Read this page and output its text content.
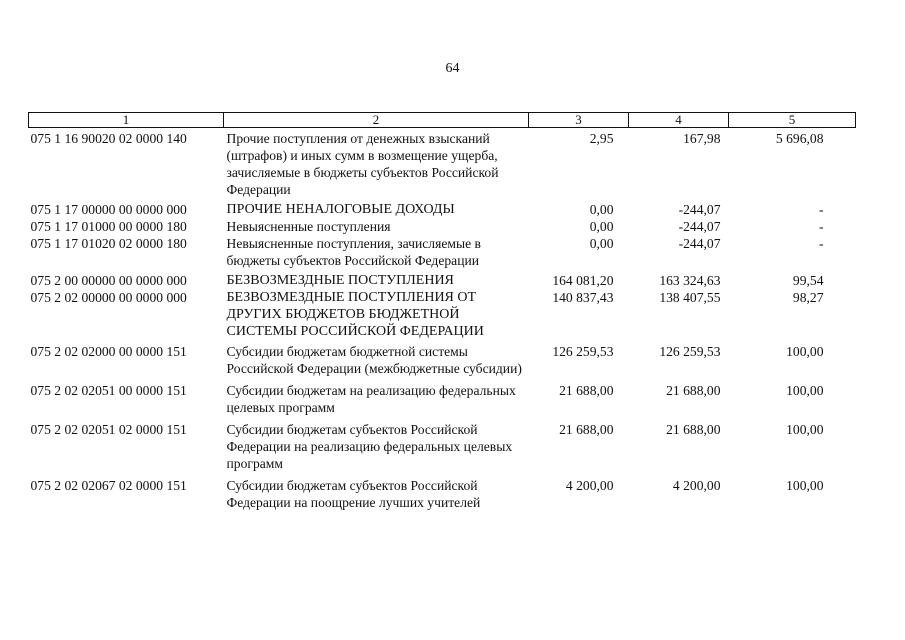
64
1	2	3	4	5
075 1 16 90020 02 0000 140	Прочие поступления от денежных взысканий (штрафов) и иных сумм в возмещение ущерба, зачисляемые в бюджеты субъектов Российской Федерации	2,95	167,98	5 696,08
075 1 17 00000 00 0000 000	ПРОЧИЕ НЕНАЛОГОВЫЕ ДОХОДЫ	0,00	-244,07	-
075 1 17 01000 00 0000 180	Невыясненные поступления	0,00	-244,07	-
075 1 17 01020 02 0000 180	Невыясненные поступления, зачисляемые в бюджеты субъектов Российской Федерации	0,00	-244,07	-
075 2 00 00000 00 0000 000	БЕЗВОЗМЕЗДНЫЕ ПОСТУПЛЕНИЯ	164 081,20	163 324,63	99,54
075 2 02 00000 00 0000 000	БЕЗВОЗМЕЗДНЫЕ ПОСТУПЛЕНИЯ ОТ ДРУГИХ БЮДЖЕТОВ БЮДЖЕТНОЙ СИСТЕМЫ РОССИЙСКОЙ ФЕДЕРАЦИИ	140 837,43	138 407,55	98,27
075 2 02 02000 00 0000 151	Субсидии бюджетам бюджетной системы Российской Федерации (межбюджетные субсидии)	126 259,53	126 259,53	100,00
075 2 02 02051 00 0000 151	Субсидии бюджетам на реализацию федеральных целевых программ	21 688,00	21 688,00	100,00
075 2 02 02051 02 0000 151	Субсидии бюджетам субъектов Российской Федерации на реализацию федеральных целевых программ	21 688,00	21 688,00	100,00
075 2 02 02067 02 0000 151	Субсидии бюджетам субъектов Российской Федерации на поощрение лучших учителей	4 200,00	4 200,00	100,00
